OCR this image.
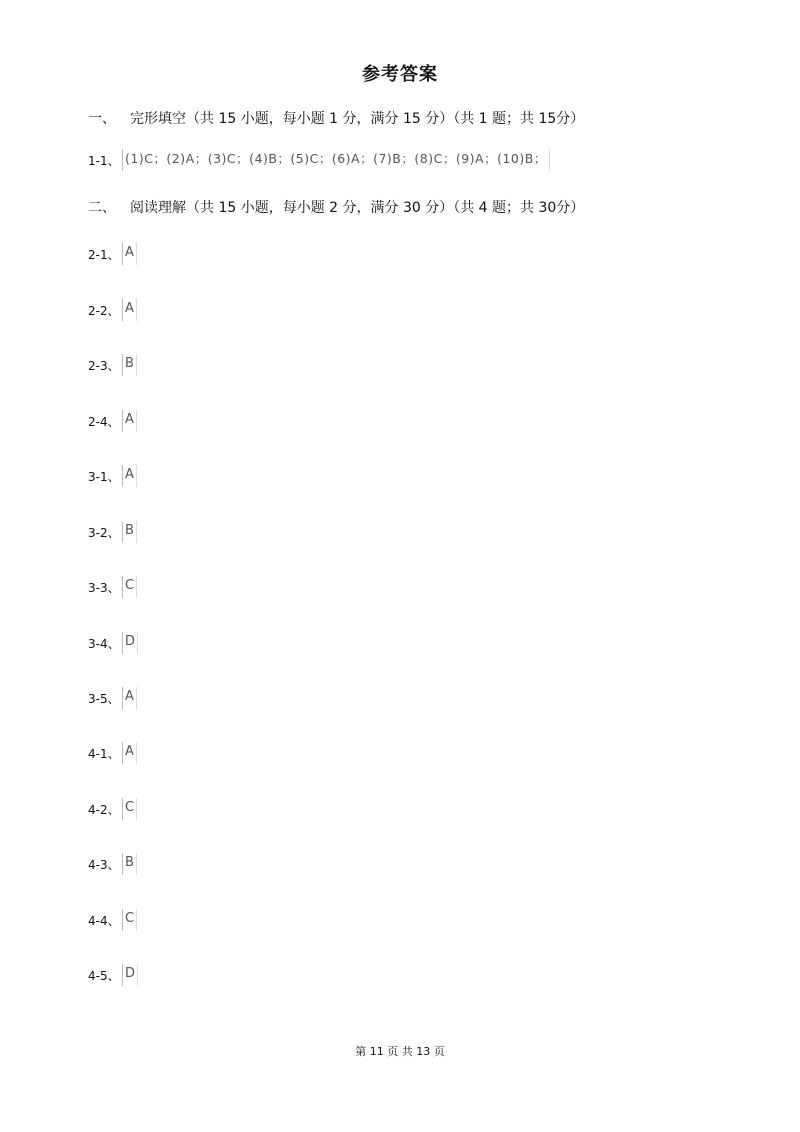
参考答案
一、 完形填空（共 15 小题，每小题 1 分，满分 15 分）（共 1 题；共 15分）
1-1、 (1)C；(2)A；(3)C；(4)B；(5)C；(6)A；(7)B；(8)C；(9)A；(10)B；
二、 阅读理解（共 15 小题，每小题 2 分，满分 30 分）（共 4 题；共 30分）
2-1、 A
2-2、 A
2-3、 B
2-4、 A
3-1、 A
3-2、 B
3-3、 C
3-4、 D
3-5、 A
4-1、 A
4-2、 C
4-3、 B
4-4、 C
4-5、 D
第 11 页 共 13 页
